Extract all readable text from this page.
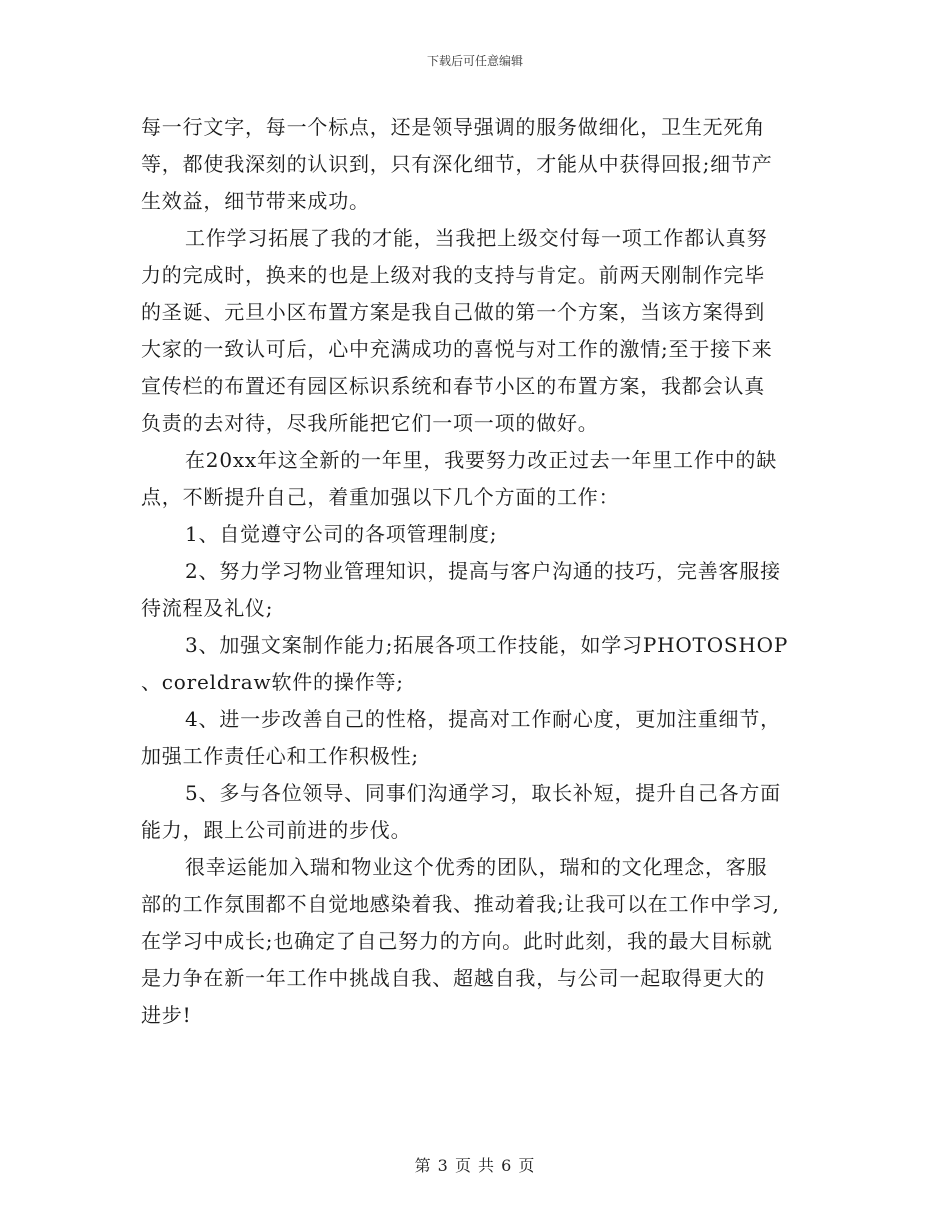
下载后可任意编辑
每一行文字，每一个标点，还是领导强调的服务做细化，卫生无死角
等，都使我深刻的认识到，只有深化细节，才能从中获得回报;细节产
生效益，细节带来成功。
工作学习拓展了我的才能，当我把上级交付每一项工作都认真努
力的完成时，换来的也是上级对我的支持与肯定。前两天刚制作完毕
的圣诞、元旦小区布置方案是我自己做的第一个方案，当该方案得到
大家的一致认可后，心中充满成功的喜悦与对工作的激情;至于接下来
宣传栏的布置还有园区标识系统和春节小区的布置方案，我都会认真
负责的去对待，尽我所能把它们一项一项的做好。
在20xx年这全新的一年里，我要努力改正过去一年里工作中的缺
点，不断提升自己，着重加强以下几个方面的工作：
1、自觉遵守公司的各项管理制度;
2、努力学习物业管理知识，提高与客户沟通的技巧，完善客服接
待流程及礼仪;
3、加强文案制作能力;拓展各项工作技能，如学习PHOTOSHOP
、coreldraw软件的操作等;
4、进一步改善自己的性格，提高对工作耐心度，更加注重细节，
加强工作责任心和工作积极性;
5、多与各位领导、同事们沟通学习，取长补短，提升自己各方面
能力，跟上公司前进的步伐。
很幸运能加入瑞和物业这个优秀的团队，瑞和的文化理念，客服
部的工作氛围都不自觉地感染着我、推动着我;让我可以在工作中学习,
在学习中成长;也确定了自己努力的方向。此时此刻，我的最大目标就
是力争在新一年工作中挑战自我、超越自我，与公司一起取得更大的
进步!
第 3 页 共 6 页
